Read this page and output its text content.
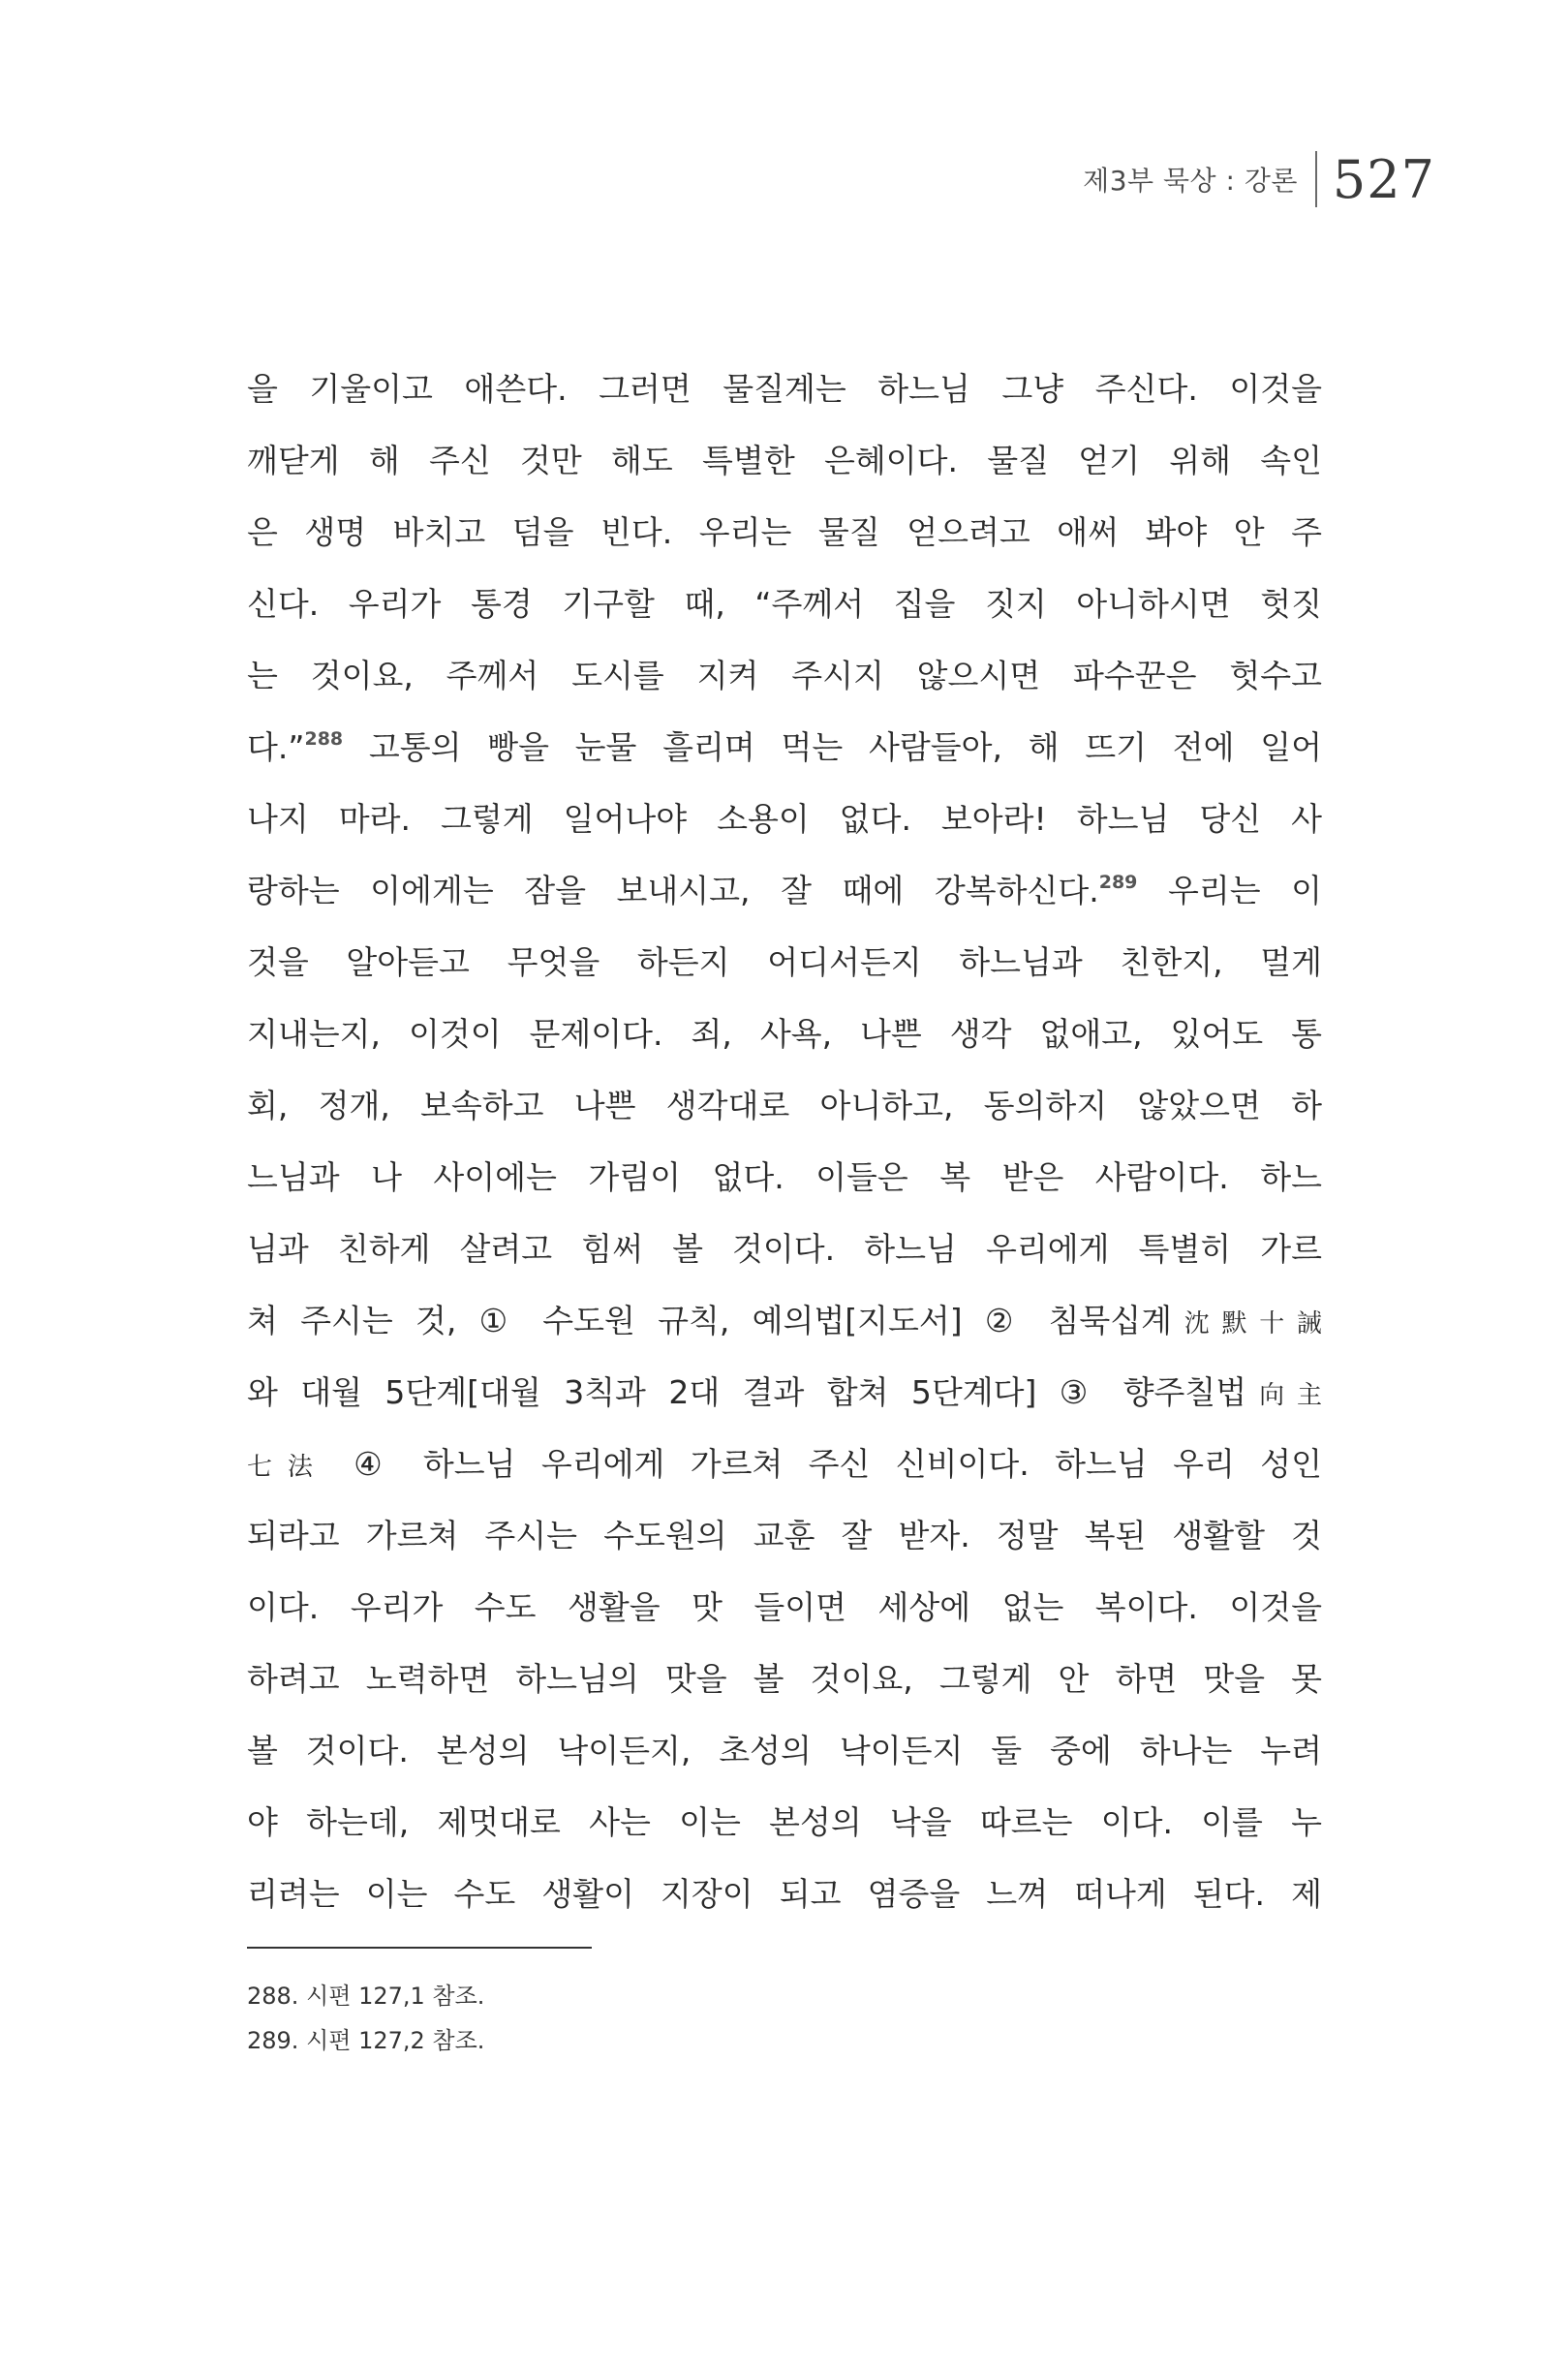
제3부 묵상 : 강론 527
을 기울이고 애쓴다. 그러면 물질계는 하느님 그냥 주신다. 이것을
깨닫게 해 주신 것만 해도 특별한 은혜이다. 물질 얻기 위해 속인
은 생명 바치고 덤을 빈다. 우리는 물질 얻으려고 애써 봐야 안 주
신다. 우리가 통경 기구할 때, “주께서 집을 짓지 아니하시면 헛짓
는 것이요, 주께서 도시를 지켜 주시지 않으시면 파수꾼은 헛수고
다.”$^{288}$ 고통의 빵을 눈물 흘리며 먹는 사람들아, 해 뜨기 전에 일어
나지 마라. 그렇게 일어나야 소용이 없다. 보아라! 하느님 당신 사
랑하는 이에게는 잠을 보내시고, 잘 때에 강복하신다.$^{289}$ 우리는 이
것을 알아듣고 무엇을 하든지 어디서든지 하느님과 친한지, 멀게
지내는지, 이것이 문제이다. 죄, 사욕, 나쁜 생각 없애고, 있어도 통
회, 정개, 보속하고 나쁜 생각대로 아니하고, 동의하지 않았으면 하
느님과 나 사이에는 가림이 없다. 이들은 복 받은 사람이다. 하느
님과 친하게 살려고 힘써 볼 것이다. 하느님 우리에게 특별히 가르
쳐 주시는 것, ① 수도원 규칙, 예의법[지도서] ② 침묵십계沈默十誡
와 대월 5단계[대월 3칙과 2대 결과 합쳐 5단계다] ③ 향주칠법向主
七法 ④ 하느님 우리에게 가르쳐 주신 신비이다. 하느님 우리 성인
되라고 가르쳐 주시는 수도원의 교훈 잘 받자. 정말 복된 생활할 것
이다. 우리가 수도 생활을 맛 들이면 세상에 없는 복이다. 이것을
하려고 노력하면 하느님의 맛을 볼 것이요, 그렇게 안 하면 맛을 못
볼 것이다. 본성의 낙이든지, 초성의 낙이든지 둘 중에 하나는 누려
야 하는데, 제멋대로 사는 이는 본성의 낙을 따르는 이다. 이를 누
리려는 이는 수도 생활이 지장이 되고 염증을 느껴 떠나게 된다. 제
288. 시편 127,1 참조.
289. 시편 127,2 참조.
